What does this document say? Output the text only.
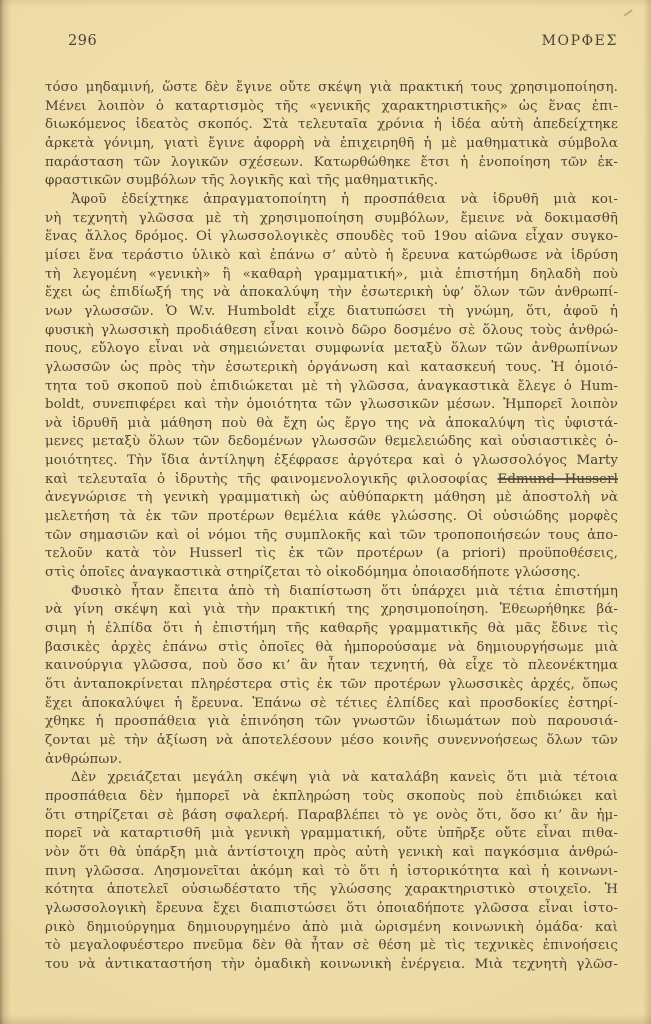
296	ΜΟΡΦΕΣ
τόσο μηδαμινή, ὥστε δὲν ἔγινε οὔτε σκέψη γιὰ πρακτική τους χρησιμοποίηση.
Μένει λοιπὸν ὁ καταρτισμὸς τῆς «γενικῆς χαρακτηριστικῆς» ὡς ἕνας ἐπι-
διωκόμενος ἰδεατὸς σκοπός. Στὰ τελευταῖα χρόνια ἡ ἰδέα αὐτὴ ἀπεδείχτηκε
ἀρκετὰ γόνιμη, γιατὶ ἔγινε ἀφορρὴ νὰ ἐπιχειρηθῆ ἡ μὲ μαθηματικὰ σύμβολα
παράσταση τῶν λογικῶν σχέσεων. Κατωρθώθηκε ἔτσι ἡ ἑνοποίηση τῶν ἐκ-
φραστικῶν συμβόλων τῆς λογικῆς καὶ τῆς μαθηματικῆς.
Ἀφοῦ ἐδείχτηκε ἀπραγματοποίητη ἡ προσπάθεια νὰ ἱδρυθῆ μιὰ κοι-
νὴ τεχνητὴ γλῶσσα μὲ τὴ χρησιμοποίηση συμβόλων, ἔμεινε νὰ δοκιμασθῆ
ἕνας ἄλλος δρόμος. Οἱ γλωσσολογικὲς σπουδὲς τοῦ 19ου αἰῶνα εἶχαν συγκο-
μίσει ἕνα τεράστιο ὑλικὸ καὶ ἐπάνω σ’ αὐτὸ ἡ ἔρευνα κατώρθωσε νὰ ἱδρύση
τὴ λεγομένη «γενικὴ» ἢ «καθαρὴ γραμματική», μιὰ ἐπιστήμη δηλαδὴ ποὺ
ἔχει ὡς ἐπιδίωξή της νὰ ἀποκαλύψη τὴν ἐσωτερικὴ ὑφ’ ὅλων τῶν ἀνθρωπί-
νων γλωσσῶν. Ὁ W.v. Humboldt εἶχε διατυπώσει τὴ γνώμη, ὅτι, ἀφοῦ ἡ
φυσικὴ γλωσσικὴ προδιάθεση εἶναι κοινὸ δῶρο δοσμένο σὲ ὅλους τοὺς ἀνθρώ-
πους, εὔλογο εἶναι νὰ σημειώνεται συμφωνία μεταξὺ ὅλων τῶν ἀνθρωπίνων
γλωσσῶν ὡς πρὸς τὴν ἐσωτερικὴ ὀργάνωση καὶ κατασκευή τους. Ἡ ὁμοιό-
τητα τοῦ σκοποῦ ποὺ ἐπιδιώκεται μὲ τὴ γλῶσσα, ἀναγκαστικὰ ἔλεγε ὁ Hum-
boldt, συνεπιφέρει καὶ τὴν ὁμοιότητα τῶν γλωσσικῶν μέσων. Ἠμπορεῖ λοιπὸν
νὰ ἱδρυθῆ μιὰ μάθηση ποὺ θὰ ἔχη ὡς ἔργο της νὰ ἀποκαλύψη τὶς ὑφιστά-
μενες μεταξὺ ὅλων τῶν δεδομένων γλωσσῶν θεμελειώδης καὶ οὐσιαστικὲς ὁ-
μοιότητες. Τὴν ἴδια ἀντίληψη ἐξέφρασε ἀργότερα καὶ ὁ γλωσσολόγος Marty
καὶ τελευταῖα ὁ ἱδρυτὴς τῆς φαινομενολογικῆς φιλοσοφίας Edmund Husserl
ἀνεγνώρισε τὴ γενικὴ γραμματικὴ ὡς αὐθύπαρκτη μάθηση μὲ ἀποστολὴ νὰ
μελετήση τὰ ἐκ τῶν προτέρων θεμέλια κάθε γλώσσης. Οἱ οὐσιώδης μορφὲς
τῶν σημασιῶν καὶ οἱ νόμοι τῆς συμπλοκῆς καὶ τῶν τροποποιήσεών τους ἀπο-
τελοῦν κατὰ τὸν Husserl τὶς ἐκ τῶν προτέρων (a priori) προϋποθέσεις,
στὶς ὁποῖες ἀναγκαστικὰ στηρίζεται τὸ οἰκοδόμημα ὁποιασδήποτε γλώσσης.
Φυσικὸ ἦταν ἔπειτα ἀπὸ τὴ διαπίστωση ὅτι ὑπάρχει μιὰ τέτια ἐπιστήμη
νὰ γίνη σκέψη καὶ γιὰ τὴν πρακτική της χρησιμοποίηση. Ἐθεωρήθηκε βά-
σιμη ἡ ἐλπίδα ὅτι ἡ ἐπιστήμη τῆς καθαρῆς γραμματικῆς θὰ μᾶς ἔδινε τὶς
βασικὲς ἀρχὲς ἐπάνω στὶς ὁποῖες θὰ ἠμπορούσαμε νὰ δημιουργήσωμε μιὰ
καινούργια γλῶσσα, ποὺ ὅσο κι’ ἂν ἦταν τεχνητή, θὰ εἶχε τὸ πλεονέκτημα
ὅτι ἀνταποκρίνεται πληρέστερα στὶς ἐκ τῶν προτέρων γλωσσικὲς ἀρχές, ὅπως
ἔχει ἀποκαλύψει ἡ ἔρευνα. Ἐπάνω σὲ τέτιες ἐλπίδες καὶ προσδοκίες ἐστηρί-
χθηκε ἡ προσπάθεια γιὰ ἐπινόηση τῶν γνωστῶν ἰδιωμάτων ποὺ παρουσιά-
ζονται μὲ τὴν ἀξίωση νὰ ἀποτελέσουν μέσο κοινῆς συνεννοήσεως ὅλων τῶν
ἀνθρώπων.
Δὲν χρειάζεται μεγάλη σκέψη γιὰ νὰ καταλάβη κανεὶς ὅτι μιὰ τέτοια
προσπάθεια δὲν ἠμπορεῖ νὰ ἐκπληρώση τοὺς σκοποὺς ποὺ ἐπιδιώκει καὶ
ὅτι στηρίζεται σὲ βάση σφαλερή. Παραβλέπει τὸ γε ονὸς ὅτι, ὅσο κι’ ἂν ἠμ-
πορεῖ νὰ καταρτισθῆ μιὰ γενικὴ γραμματική, οὔτε ὑπῆρξε οὔτε εἶναι πιθα-
νὸν ὅτι θὰ ὑπάρξη μιὰ ἀντίστοιχη πρὸς αὐτὴ γενικὴ καὶ παγκόσμια ἀνθρώ-
πινη γλῶσσα. Λησμονεῖται ἀκόμη καὶ τὸ ὅτι ἡ ἱστορικότητα καὶ ἡ κοινωνι-
κότητα ἀποτελεῖ οὐσιωδέστατο τῆς γλώσσης χαρακτηριστικὸ στοιχεῖο. Ἡ
γλωσσολογικὴ ἔρευνα ἔχει διαπιστώσει ὅτι ὁποιαδήποτε γλῶσσα εἶναι ἱστο-
ρικὸ δημιούργημα δημιουργημένο ἀπὸ μιὰ ὡρισμένη κοινωνικὴ ὁμάδα· καὶ
τὸ μεγαλοφυέστερο πνεῦμα δὲν θὰ ἦταν σὲ θέση μὲ τὶς τεχνικὲς ἐπινοήσεις
του νὰ ἀντικαταστήση τὴν ὁμαδικὴ κοινωνικὴ ἐνέργεια. Μιὰ τεχνητὴ γλῶσ-
